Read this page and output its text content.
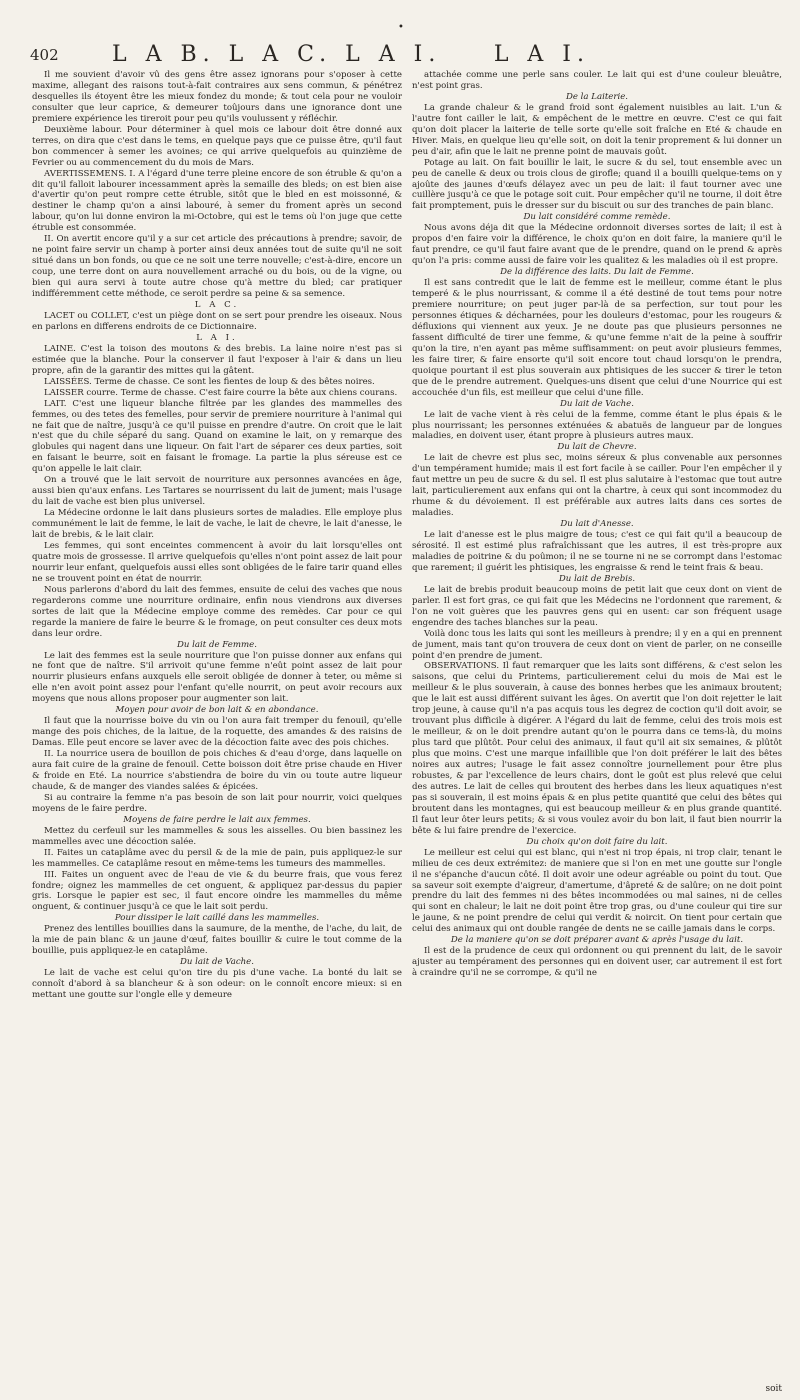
•
402 L A B. L A C. L A I. L A I.

Il me souvient d'avoir vû des gens être assez ignorans pour s'oposer à cette maxime, allegant des raisons tout-à-fait contraires aux sens commun, & pénétrez desquelles ils étoyent être les mieux fondez du monde; & tout cela pour ne vouloir consulter que leur caprice, & demeurer toûjours dans une ignorance dont une premiere expérience les tireroit pour peu qu'ils voulussent y réfléchir.

Deuxième labour. Pour déterminer à quel mois ce labour doit être donné aux terres, on dira que c'est dans le tems, en quelque pays que ce puisse être, qu'il faut bon commencer à semer les avoines; ce qui arrive quelquefois au quinzième de Fevrier ou au commencement du du mois de Mars.

AVERTISSEMENS. I. A l'égard d'une terre pleine encore de son étruble & qu'on a dit qu'il falloit labourer incessamment après la semaille des bleds; on est bien aise d'avertir qu'on peut rompre cette étruble, sitôt que le bled en est moissonné, & destiner le champ qu'on a ainsi labouré, à semer du froment après un second labour, qu'on lui donne environ la mi-Octobre, qui est le tems où l'on juge que cette étruble est consommée.

II. On avertit encore qu'il y a sur cet article des précautions à prendre; savoir, de ne point faire servir un champ à porter ainsi deux années tout de suite qu'il ne soit situé dans un bon fonds, ou que ce ne soit une terre nouvelle; c'est-à-dire, encore un coup, une terre dont on aura nouvellement arraché ou du bois, ou de la vigne, ou bien qui aura servi à toute autre chose qu'à mettre du bled; car pratiquer indifféremment cette méthode, ce seroit perdre sa peine & sa semence.

L A C.

LACET ou COLLET, c'est un piège dont on se sert pour prendre les oiseaux. Nous en parlons en differens endroits de ce Dictionnaire.

L A I.

LAINE. C'est la toison des moutons & des brebis. La laine noire n'est pas si estimée que la blanche. Pour la conserver il faut l'exposer à l'air & dans un lieu propre, afin de la garantir des mittes qui la gâtent.

LAISSÉES. Terme de chasse. Ce sont les fientes de loup & des bêtes noires.

LAISSER courre. Terme de chasse. C'est faire courre la bête aux chiens courans.

LAIT. C'est une liqueur blanche filtrée par les glandes des mammelles des femmes, ou des tetes des femelles, pour servir de premiere nourriture à l'animal qui ne fait que de naître, jusqu'à ce qu'il puisse en prendre d'autre. On croit que le lait n'est que du chile séparé du sang. Quand on examine le lait, on y remarque des globules qui nagent dans une liqueur. On fait l'art de séparer ces deux parties, soit en faisant le beurre, soit en faisant le fromage. La partie la plus séreuse est ce qu'on appelle le lait clair.

On a trouvé que le lait servoit de nourriture aux personnes avancées en âge, aussi bien qu'aux enfans. Les Tartares se nourrissent du lait de jument; mais l'usage du lait de vache est bien plus universel.

La Médecine ordonne le lait dans plusieurs sortes de maladies. Elle employe plus communément le lait de femme, le lait de vache, le lait de chevre, le lait d'anesse, le lait de brebis, & le lait clair.

Les femmes, qui sont enceintes commencent à avoir du lait lorsqu'elles ont quatre mois de grossesse. Il arrive quelquefois qu'elles n'ont point assez de lait pour nourrir leur enfant, quelquefois aussi elles sont obligées de le faire tarir quand elles ne se trouvent point en état de nourrir.

Nous parlerons d'abord du lait des femmes, ensuite de celui des vaches que nous regarderons comme une nourriture ordinaire, enfin nous viendrons aux diverses sortes de lait que la Médecine employe comme des remèdes. Car pour ce qui regarde la maniere de faire le beurre & le fromage, on peut consulter ces deux mots dans leur ordre.

Du lait de Femme.

Le lait des femmes est la seule nourriture que l'on puisse donner aux enfans qui ne font que de naître. S'il arrivoit qu'une femme n'eût point assez de lait pour nourrir plusieurs enfans auxquels elle seroit obligée de donner à teter, ou même si elle n'en avoit point assez pour l'enfant qu'elle nourrit, on peut avoir recours aux moyens que nous allons proposer pour augmenter son lait.

Moyen pour avoir de bon lait & en abondance.

Il faut que la nourrisse boive du vin ou l'on aura fait tremper du fenouil, qu'elle mange des pois chiches, de la laitue, de la roquette, des amandes & des raisins de Damas. Elle peut encore se laver avec de la décoction faite avec des pois chiches.

II. La nourrice usera de bouillon de pois chiches & d'eau d'orge, dans laquelle on aura fait cuire de la graine de fenouil. Cette boisson doit être prise chaude en Hiver & froide en Eté. La nourrice s'abstiendra de boire du vin ou toute autre liqueur chaude, & de manger des viandes salées & épicées.

Si au contraire la femme n'a pas besoin de son lait pour nourrir, voici quelques moyens de le faire perdre.

Moyens de faire perdre le lait aux femmes.

Mettez du cerfeuil sur les mammelles & sous les aisselles. Ou bien bassinez les mammelles avec une décoction salée.

II. Faites un cataplâme avec du persil & de la mie de pain, puis appliquez-le sur les mammelles. Ce cataplâme resout en même-tems les tumeurs des mammelles.

III. Faites un onguent avec de l'eau de vie & du beurre frais, que vous ferez fondre; oignez les mammelles de cet onguent, & appliquez par-dessus du papier gris. Lorsque le papier est sec, il faut encore oindre les mammelles du même onguent, & continuer jusqu'à ce que le lait soit perdu.

Pour dissiper le lait caillé dans les mammelles.

Prenez des lentilles bouillies dans la saumure, de la menthe, de l'ache, du lait, de la mie de pain blanc & un jaune d'œuf, faites bouillir & cuire le tout comme de la bouillie, puis appliquez-le en cataplâme.

Du lait de Vache.

Le lait de vache est celui qu'on tire du pis d'une vache. La bonté du lait se connoît d'abord à sa blancheur & à son odeur: on le connoît encore mieux: si en mettant une goutte sur l'ongle elle y demeure

attachée comme une perle sans couler. Le lait qui est d'une couleur bleuâtre, n'est point gras.

De la Laiterie.

La grande chaleur & le grand froid sont également nuisibles au lait. L'un & l'autre font cailler le lait, & empêchent de le mettre en œuvre. C'est ce qui fait qu'on doit placer la laiterie de telle sorte qu'elle soit fraîche en Eté & chaude en Hiver. Mais, en quelque lieu qu'elle soit, on doit la tenir proprement & lui donner un peu d'air, afin que le lait ne prenne point de mauvais goût.

Potage au lait. On fait bouillir le lait, le sucre & du sel, tout ensemble avec un peu de canelle & deux ou trois clous de girofle; quand il a bouilli quelque-tems on y ajoûte des jaunes d'œufs délayez avec un peu de lait: il faut tourner avec une cuillère jusqu'à ce que le potage soit cuit. Pour empêcher qu'il ne tourne, il doit être fait promptement, puis le dresser sur du biscuit ou sur des tranches de pain blanc.

Du lait considéré comme remède.

Nous avons déja dit que la Médecine ordonnoit diverses sortes de lait; il est à propos d'en faire voir la différence, le choix qu'on en doit faire, la maniere qu'il le faut prendre, ce qu'il faut faire avant que de le prendre, quand on le prend & après qu'on l'a pris: comme aussi de faire voir les qualitez & les maladies où il est propre.

De la différence des laits. Du lait de Femme.

Il est sans contredit que le lait de femme est le meilleur, comme étant le plus temperé & le plus nourrissant, & comme il a été destiné de tout tems pour notre premiere nourriture; on peut juger par-là de sa perfection, sur tout pour les personnes étiques & décharnées, pour les douleurs d'estomac, pour les rougeurs & défluxions qui viennent aux yeux. Je ne doute pas que plusieurs personnes ne fassent difficulté de tirer une femme, & qu'une femme n'ait de la peine à souffrir qu'on la tire, n'en ayant pas même suffisamment: on peut avoir plusieurs femmes, les faire tirer, & faire ensorte qu'il soit encore tout chaud lorsqu'on le prendra, quoique pourtant il est plus souverain aux phtisiques de les succer & tirer le teton que de le prendre autrement. Quelques-uns disent que celui d'une Nourrice qui est accouchée d'un fils, est meilleur que celui d'une fille.

Du lait de Vache.

Le lait de vache vient à rès celui de la femme, comme étant le plus épais & le plus nourrissant; les personnes exténuées & abatuës de langueur par de longues maladies, en doivent user, étant propre à plusieurs autres maux.

Du lait de Chevre.

Le lait de chevre est plus sec, moins séreux & plus convenable aux personnes d'un tempérament humide; mais il est fort facile à se cailler. Pour l'en empêcher il y faut mettre un peu de sucre & du sel. Il est plus salutaire à l'estomac que tout autre lait, particulierement aux enfans qui ont la chartre, à ceux qui sont incommodez du rhume & du dévoiement. Il est préférable aux autres laits dans ces sortes de maladies.

Du lait d'Anesse.

Le lait d'anesse est le plus maigre de tous; c'est ce qui fait qu'il a beaucoup de sérosité. Il est estimé plus rafraîchissant que les autres, il est très-propre aux maladies de poitrine & du poûmon; il ne se tourne ni ne se corrompt dans l'estomac que rarement; il guérit les phtisiques, les engraisse & rend le teint frais & beau.

Du lait de Brebis.

Le lait de brebis produit beaucoup moins de petit lait que ceux dont on vient de parler. Il est fort gras, ce qui fait que les Médecins ne l'ordonnent que rarement, & l'on ne voit guères que les pauvres gens qui en usent: car son fréquent usage engendre des taches blanches sur la peau.

Voilà donc tous les laits qui sont les meilleurs à prendre; il y en a qui en prennent de jument, mais tant qu'on trouvera de ceux dont on vient de parler, on ne conseille point d'en prendre de jument.

OBSERVATIONS. Il faut remarquer que les laits sont différens, & c'est selon les saisons, que celui du Printems, particulierement celui du mois de Mai est le meilleur & le plus souverain, à cause des bonnes herbes que les animaux broutent; que le lait est aussi différent suivant les âges. On avertit que l'on doit rejetter le lait trop jeune, à cause qu'il n'a pas acquis tous les degrez de coction qu'il doit avoir, se trouvant plus difficile à digérer. A l'égard du lait de femme, celui des trois mois est le meilleur, & on le doit prendre autant qu'on le pourra dans ce tems-là, du moins plus tard que plûtôt. Pour celui des animaux, il faut qu'il ait six semaines, & plûtôt plus que moins. C'est une marque infaillible que l'on doit préférer le lait des bêtes noires aux autres; l'usage le fait assez connoître journellement pour être plus robustes, & par l'excellence de leurs chairs, dont le goût est plus relevé que celui des autres. Le lait de celles qui broutent des herbes dans les lieux aquatiques n'est pas si souverain, il est moins épais & en plus petite quantité que celui des bêtes qui broutent dans les montagnes, qui est beaucoup meilleur & en plus grande quantité. Il faut leur ôter leurs petits; & si vous voulez avoir du bon lait, il faut bien nourrir la bête & lui faire prendre de l'exercice.

Du choix qu'on doit faire du lait.

Le meilleur est celui qui est blanc, qui n'est ni trop épais, ni trop clair, tenant le milieu de ces deux extrémitez: de maniere que si l'on en met une goutte sur l'ongle il ne s'épanche d'aucun côté. Il doit avoir une odeur agréable ou point du tout. Que sa saveur soit exempte d'aigreur, d'amertume, d'âpreté & de salûre; on ne doit point prendre du lait des femmes ni des bêtes incommodées ou mal saines, ni de celles qui sont en chaleur; le lait ne doit point être trop gras, ou d'une couleur qui tire sur le jaune, & ne point prendre de celui qui verdit & noircit. On tient pour certain que celui des animaux qui ont double rangée de dents ne se caille jamais dans le corps.

De la maniere qu'on se doit préparer avant & après l'usage du lait.

Il est de la prudence de ceux qui ordonnent ou qui prennent du lait, de le savoir ajuster au tempérament des personnes qui en doivent user, car autrement il est fort à craindre qu'il ne se corrompe, & qu'il ne

soit
